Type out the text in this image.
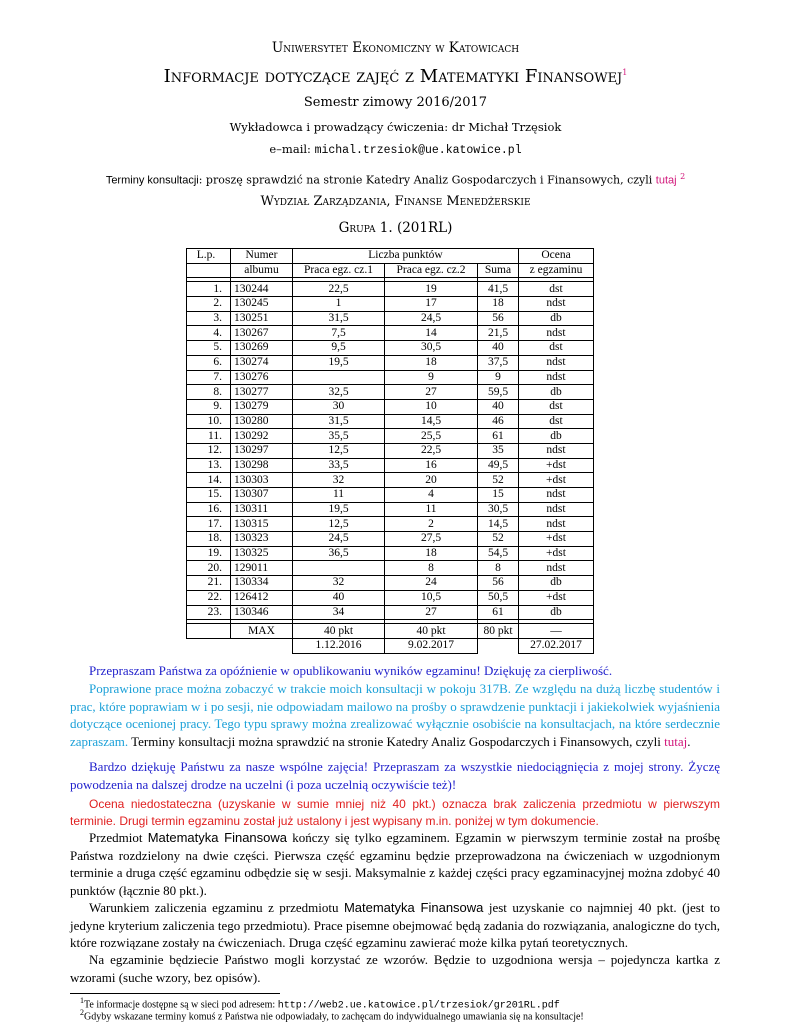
Uniwersytet Ekonomiczny w Katowicach
Informacje dotyczące zajęć z Matematyki Finansowej$^1$
Semestr zimowy 2016/2017
Wykładowca i prowadzący ćwiczenia: dr Michał Trzęsiok
e–mail: michal.trzesiok@ue.katowice.pl
Terminy konsultacji: proszę sprawdzić na stronie Katedry Analiz Gospodarczych i Finansowych, czyli tutaj $^2$
Wydział Zarządzania, Finanse Menedżerskie
Grupa 1. (201RL)
L.p.	Numer	Liczba punktów			Ocena
	albumu	Praca egz. cz.1	Praca egz. cz.2	Suma	z egzaminu

1.	130244	22,5	19	41,5	dst
2.	130245	1	17	18	ndst
3.	130251	31,5	24,5	56	db
4.	130267	7,5	14	21,5	ndst
5.	130269	9,5	30,5	40	dst
6.	130274	19,5	18	37,5	ndst
7.	130276		9	9	ndst
8.	130277	32,5	27	59,5	db
9.	130279	30	10	40	dst
10.	130280	31,5	14,5	46	dst
11.	130292	35,5	25,5	61	db
12.	130297	12,5	22,5	35	ndst
13.	130298	33,5	16	49,5	+dst
14.	130303	32	20	52	+dst
15.	130307	11	4	15	ndst
16.	130311	19,5	11	30,5	ndst
17.	130315	12,5	2	14,5	ndst
18.	130323	24,5	27,5	52	+dst
19.	130325	36,5	18	54,5	+dst
20.	129011		8	8	ndst
21.	130334	32	24	56	db
22.	126412	40	10,5	50,5	+dst
23.	130346	34	27	61	db

	MAX	40 pkt	40 pkt	80 pkt	—
		1.12.2016	9.02.2017		27.02.2017
Przepraszam Państwa za opóźnienie w opublikowaniu wyników egzaminu! Dziękuję za cierpliwość.
Poprawione prace można zobaczyć w trakcie moich konsultacji w pokoju 317B. Ze względu na dużą liczbę studentów i prac, które poprawiam w i po sesji, nie odpowiadam mailowo na prośby o sprawdzenie punktacji i jakiekolwiek wyjaśnienia dotyczące ocenionej pracy. Tego typu sprawy można zrealizować wyłącznie osobiście na konsultacjach, na które serdecznie zapraszam. Terminy konsultacji można sprawdzić na stronie Katedry Analiz Gospodarczych i Finansowych, czyli tutaj.
Bardzo dziękuję Państwu za nasze wspólne zajęcia! Przepraszam za wszystkie niedociągnięcia z mojej strony. Życzę powodzenia na dalszej drodze na uczelni (i poza uczelnią oczywiście też)!
Ocena niedostateczna (uzyskanie w sumie mniej niż 40 pkt.) oznacza brak zaliczenia przedmiotu w pierwszym terminie. Drugi termin egzaminu został już ustalony i jest wypisany m.in. poniżej w tym dokumencie.
Przedmiot Matematyka Finansowa kończy się tylko egzaminem. Egzamin w pierwszym terminie został na prośbę Państwa rozdzielony na dwie części. Pierwsza część egzaminu będzie przeprowadzona na ćwiczeniach w uzgodnionym terminie a druga część egzaminu odbędzie się w sesji. Maksymalnie z każdej części pracy egzaminacyjnej można zdobyć 40 punktów (łącznie 80 pkt.).
Warunkiem zaliczenia egzaminu z przedmiotu Matematyka Finansowa jest uzyskanie co najmniej 40 pkt. (jest to jedyne kryterium zaliczenia tego przedmiotu). Prace pisemne obejmować będą zadania do rozwiązania, analogiczne do tych, które rozwiązane zostały na ćwiczeniach. Druga część egzaminu zawierać może kilka pytań teoretycznych.
Na egzaminie będziecie Państwo mogli korzystać ze wzorów. Będzie to uzgodniona wersja – pojedyncza kartka z wzorami (suche wzory, bez opisów).
$^1$Te informacje dostępne są w sieci pod adresem: http://web2.ue.katowice.pl/trzesiok/gr201RL.pdf
$^2$Gdyby wskazane terminy komuś z Państwa nie odpowiadały, to zachęcam do indywidualnego umawiania się na konsultacje!
